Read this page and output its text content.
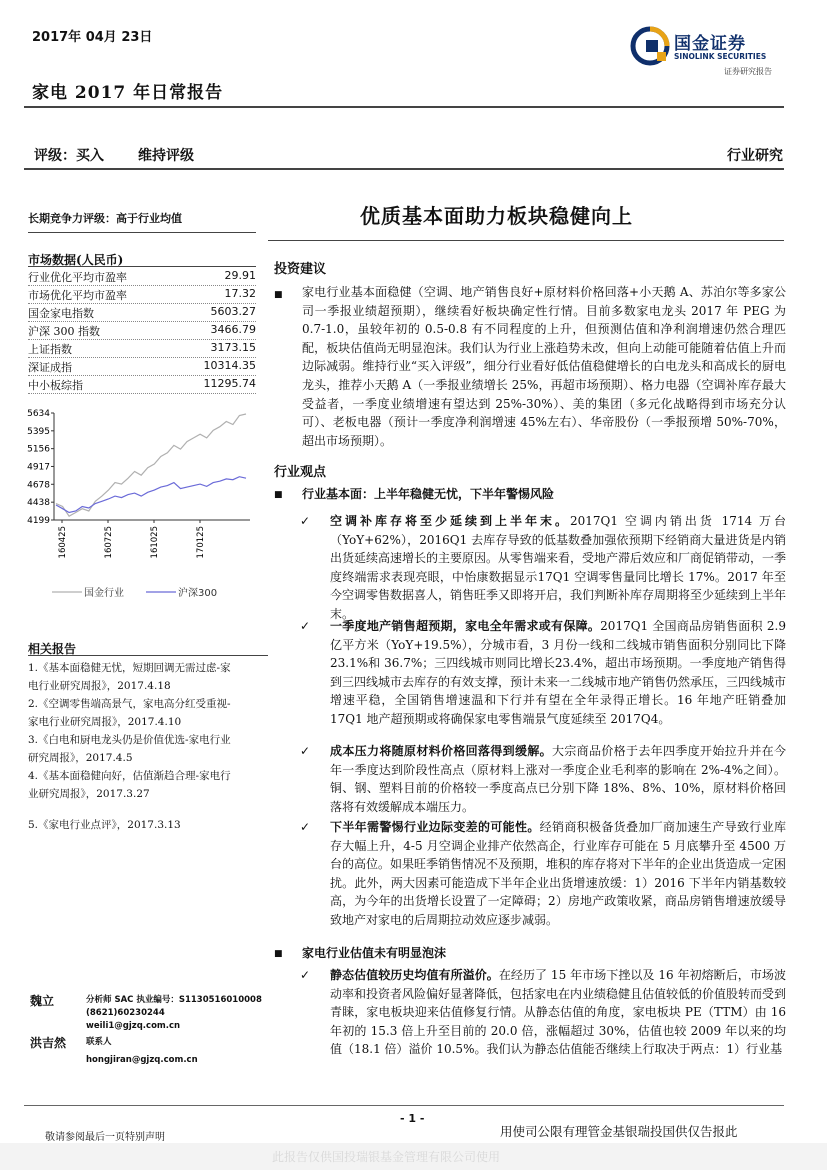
2017年 04月 23日
家电 2017 年日常报告
评级：买入 维持评级	行业研究
国金证券
SINOLINK SECURITIES
证券研究报告
长期竞争力评级：高于行业均值
市场数据(人民币)
行业优化平均市盈率	29.91
市场优化平均市盈率	17.32
国金家电指数	5603.27
沪深 300 指数	3466.79
上证指数	3173.15
深证成指	10314.35
中小板综指	11295.74
4199
4438
4678
4917
5156
5395
5634
160425	160725	161025	170125
国金行业	沪深300
相关报告
1.《基本面稳健无忧，短期回调无需过虑-家
电行业研究周报》，2017.4.18
2.《空调零售端高景气，家电高分红受重视-
家电行业研究周报》，2017.4.10
3.《白电和厨电龙头仍是价值优选-家电行业
研究周报》，2017.4.5
4.《基本面稳健向好，估值渐趋合理-家电行
业研究周报》，2017.3.27
5.《家电行业点评》，2017.3.13
魏立	分析师 SAC 执业编号：S1130516010008
(8621)60230244
weili1@gjzq.com.cn
洪吉然 联系人
hongjiran@gjzq.com.cn
优质基本面助力板块稳健向上
投资建议
■ 家电行业基本面稳健（空调、地产销售良好+原材料价格回落+小天鹅 A、苏泊尔等多家公司一季报业绩超预期），继续看好板块确定性行情。目前多数家电龙头 2017 年 PEG 为 0.7-1.0，虽较年初的 0.5-0.8 有不同程度的上升，但预测估值和净利润增速仍然合理匹配，板块估值尚无明显泡沫。我们认为行业上涨趋势未改，但向上动能可能随着估值上升而边际减弱。维持行业“买入评级”，细分行业看好低估值稳健增长的白电龙头和高成长的厨电龙头，推荐小天鹅 A（一季报业绩增长 25%，再超市场预期）、格力电器（空调补库存最大受益者，一季度业绩增速有望达到 25%-30%）、美的集团（多元化战略得到市场充分认可）、老板电器（预计一季度净利润增速 45%左右）、华帝股份（一季报预增 50%-70%，超出市场预期）。
行业观点
■ 行业基本面：上半年稳健无忧，下半年警惕风险
✓ 空调补库存将至少延续到上半年末。2017Q1 空调内销出货 1714 万台（YoY+62%），2016Q1 去库存导致的低基数叠加强依预期下经销商大量进货是内销出货延续高速增长的主要原因。从零售端来看，受地产滞后效应和厂商促销带动，一季度终端需求表现亮眼，中怡康数据显示17Q1 空调零售量同比增长 17%。2017 年至今空调零售数据喜人，销售旺季又即将开启，我们判断补库存周期将至少延续到上半年末。
✓ 一季度地产销售超预期，家电全年需求或有保障。2017Q1 全国商品房销售面积 2.9 亿平方米（YoY+19.5%），分城市看，3 月份一线和二线城市销售面积分别同比下降 23.1%和 36.7%；三四线城市则同比增长23.4%，超出市场预期。一季度地产销售得到三四线城市去库存的有效支撑，预计未来一二线城市地产销售仍然承压，三四线城市增速平稳，全国销售增速温和下行并有望在全年录得正增长。16 年地产旺销叠加 17Q1 地产超预期或将确保家电零售端景气度延续至 2017Q4。
✓ 成本压力将随原材料价格回落得到缓解。大宗商品价格于去年四季度开始拉升并在今年一季度达到阶段性高点（原材料上涨对一季度企业毛利率的影响在 2%-4%之间）。铜、钢、塑料目前的价格较一季度高点已分别下降 18%、8%、10%，原材料价格回落将有效缓解成本端压力。
✓ 下半年需警惕行业边际变差的可能性。经销商积极备货叠加厂商加速生产导致行业库存大幅上升，4-5 月空调企业排产依然高企，行业库存可能在 5 月底攀升至 4500 万台的高位。如果旺季销售情况不及预期，堆积的库存将对下半年的企业出货造成一定困扰。此外，两大因素可能造成下半年企业出货增速放缓：1）2016 下半年内销基数较高，为今年的出货增长设置了一定障碍；2）房地产政策收紧，商品房销售增速放缓导致地产对家电的后周期拉动效应逐步减弱。
■ 家电行业估值未有明显泡沫
✓ 静态估值较历史均值有所溢价。在经历了 15 年市场下挫以及 16 年初熔断后，市场波动率和投资者风险偏好显著降低，包括家电在内业绩稳健且估值较低的价值股转而受到青睐，家电板块迎来估值修复行情。从静态估值的角度，家电板块 PE（TTM）由 16 年初的 15.3 倍上升至目前的 20.0 倍，涨幅超过 30%，估值也较 2009 年以来的均值（18.1 倍）溢价 10.5%。我们认为静态估值能否继续上行取决于两点：1）行业基
- 1 -
敬请参阅最后一页特别声明	用使司公限有理管金基银瑞投国供仅告报此
此报告仅供国投瑞银基金管理有限公司使用
